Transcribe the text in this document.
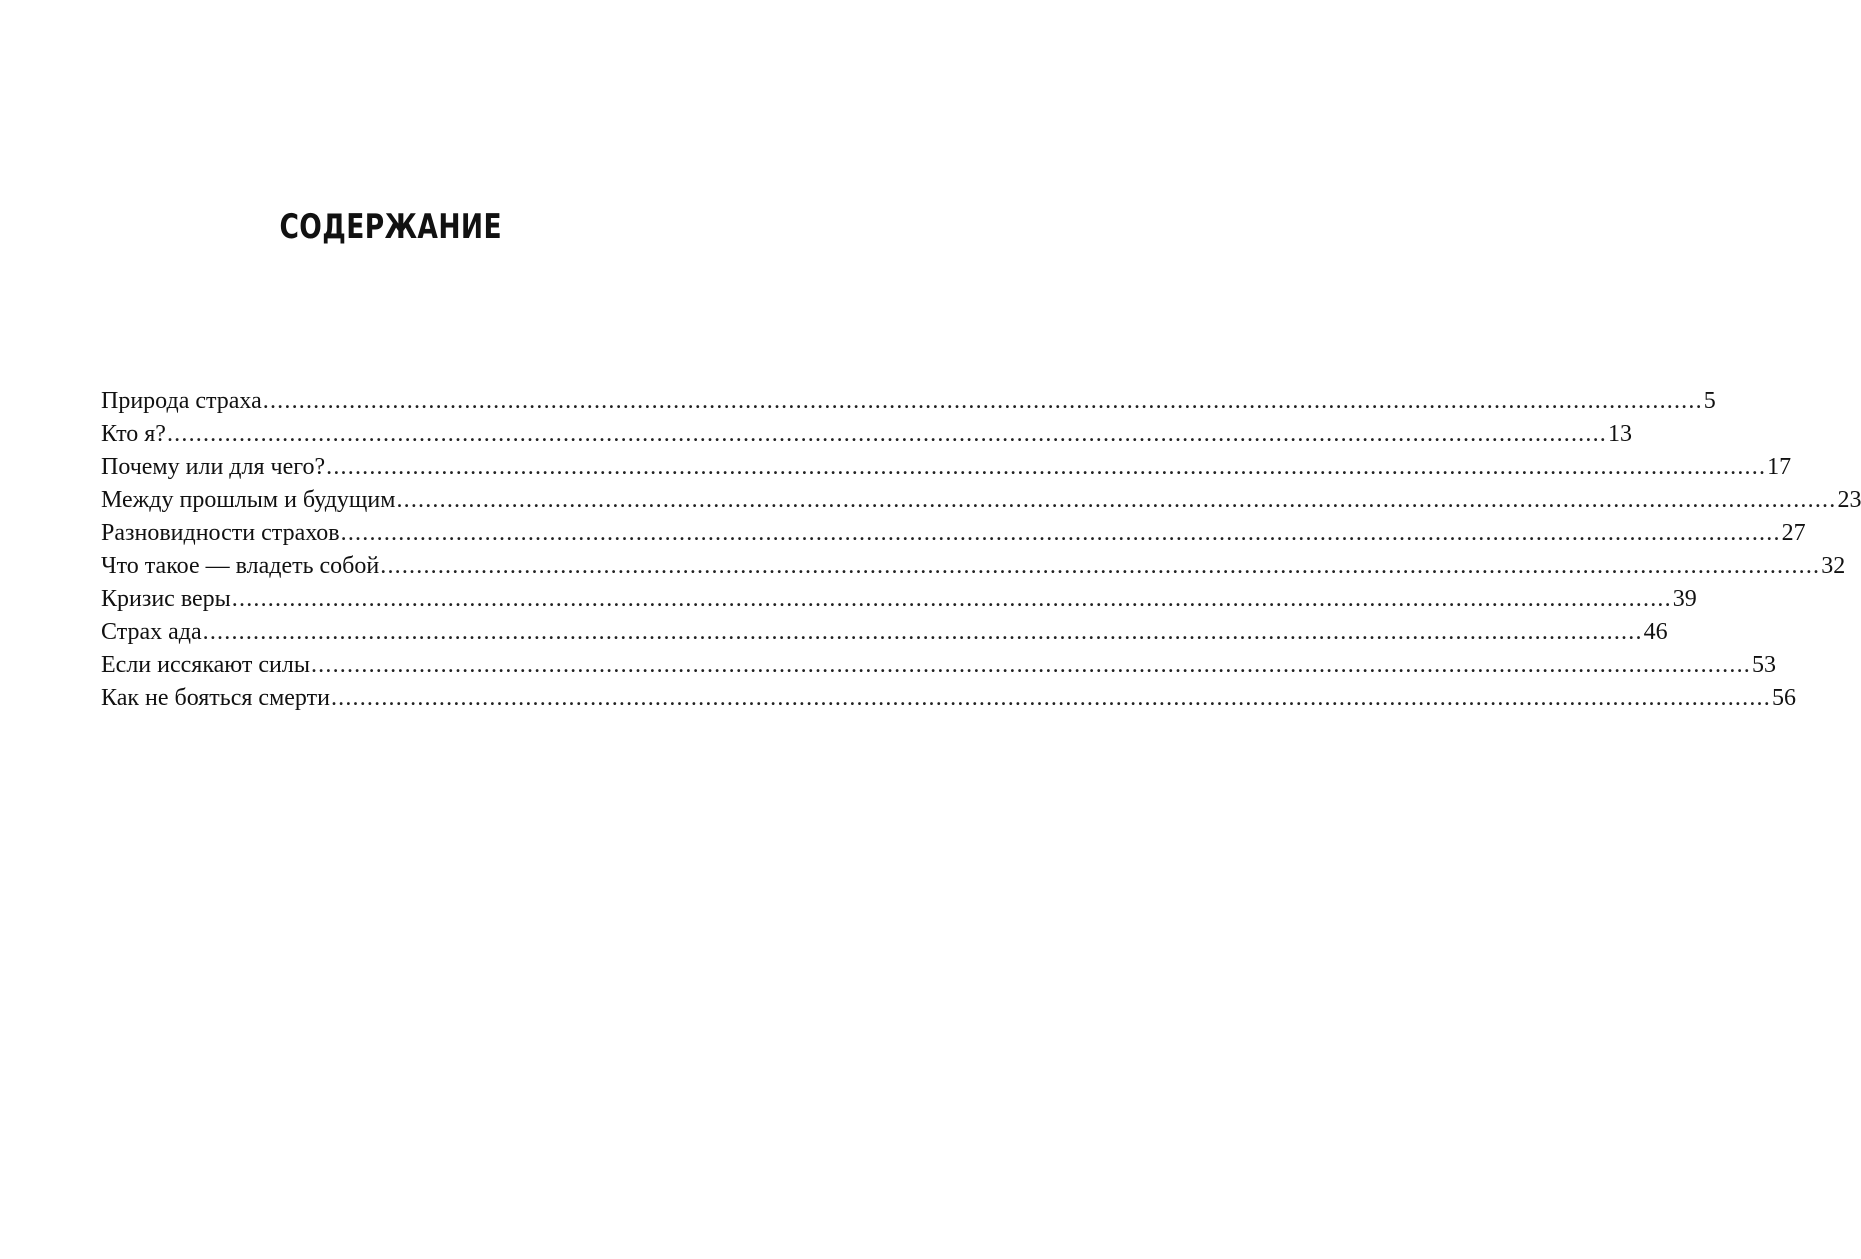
СОДЕРЖАНИЕ
Природа страха ........................................................................................................................................................................................................ 5
Кто я? ........................................................................................................................................................................................................ 13
Почему или для чего? ........................................................................................................................................................................................................ 17
Между прошлым и будущим ........................................................................................................................................................................................................ 23
Разновидности страхов ........................................................................................................................................................................................................ 27
Что такое — владеть собой ........................................................................................................................................................................................................ 32
Кризис веры ........................................................................................................................................................................................................ 39
Страх ада ........................................................................................................................................................................................................ 46
Если иссякают силы ........................................................................................................................................................................................................ 53
Как не бояться смерти ........................................................................................................................................................................................................ 56
